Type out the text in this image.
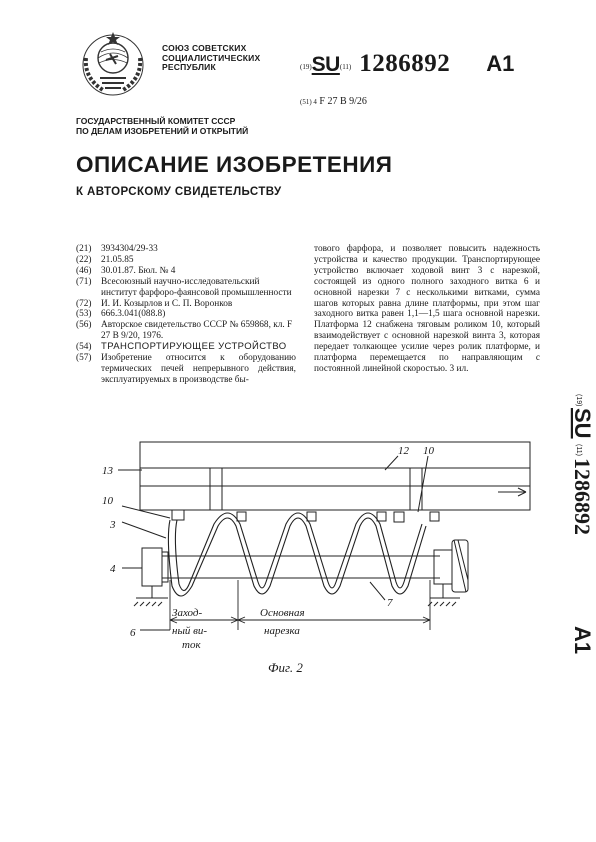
СОЮЗ СОВЕТСКИХ
СОЦИАЛИСТИЧЕСКИХ
РЕСПУБЛИК	(19)SU(11) 1286892 A1
(51) 4 F 27 B 9/26
ГОСУДАРСТВЕННЫЙ КОМИТЕТ СССР
ПО ДЕЛАМ ИЗОБРЕТЕНИЙ И ОТКРЫТИЙ
ОПИСАНИЕ ИЗОБРЕТЕНИЯ
К АВТОРСКОМУ СВИДЕТЕЛЬСТВУ
(21)	3934304/29-33
(22)	21.05.85
(46)	30.01.87. Бюл. № 4
(71)	Всесоюзный научно-исследовательский институт фарфоро-фаянсовой промышленности
(72)	И. И. Козырлов и С. П. Воронков
(53)	666.3.041(088.8)
(56)	Авторское свидетельство СССР № 659868, кл. F 27 В 9/20, 1976.
(54)	ТРАНСПОРТИРУЮЩЕЕ УСТРОЙСТВО
(57)	Изобретение относится к оборудованию термических печей непрерывного действия, эксплуатируемых в производстве бы-

тового фарфора, и позволяет повысить надежность устройства и качество продукции. Транспортирующее устройство включает ходовой винт 3 с нарезкой, состоящей из одного полного заходного витка 6 и основной нарезки 7 с несколькими витками, сумма шагов которых равна длине платформы, при этом шаг заходного витка равен 1,1—1,5 шага основной нарезки. Платформа 12 снабжена тяговым роликом 10, который взаимодействует с основной нарезкой винта 3, которая передает толкающее усилие через ролик платформе, и платформа перемещается по направляющим с постоянной линейной скоростью. 3 ил.

(19)
SU
(11)
1286892
A1
13
12 10
10
3
4
7
6
Заход-
ный ви-
ток
Основная
нарезка
Фиг. 2
